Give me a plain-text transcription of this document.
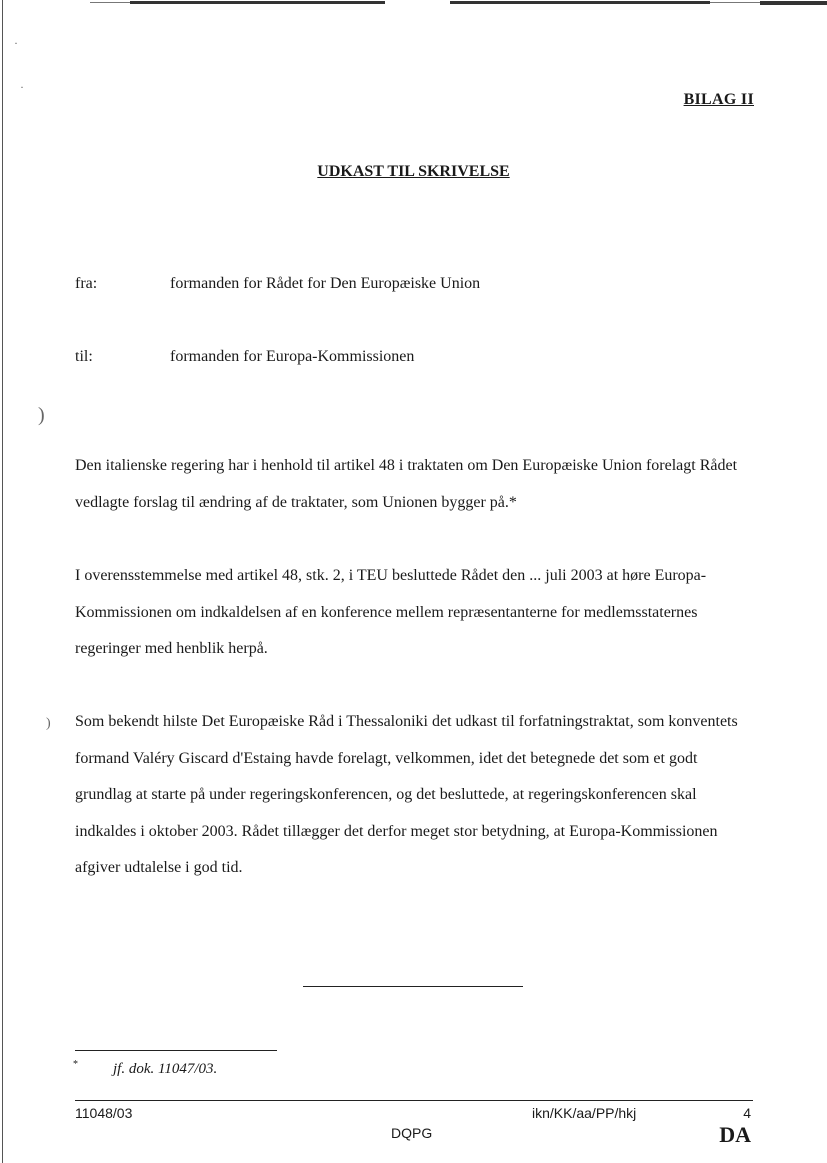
·
·
)
)
BILAG II
UDKAST TIL SKRIVELSE
fra:	formanden for Rådet for Den Europæiske Union
til:	formanden for Europa-Kommissionen

Den italienske regering har i henhold til artikel 48 i traktaten om Den Europæiske Union forelagt Rådet vedlagte forslag til ændring af de traktater, som Unionen bygger på.*

I overensstemmelse med artikel 48, stk. 2, i TEU besluttede Rådet den ... juli 2003 at høre Europa-Kommissionen om indkaldelsen af en konference mellem repræsentanterne for medlemsstaternes regeringer med henblik herpå.

Som bekendt hilste Det Europæiske Råd i Thessaloniki det udkast til forfatningstraktat, som konventets formand Valéry Giscard d'Estaing havde forelagt, velkommen, idet det betegnede det som et godt grundlag at starte på under regeringskonferencen, og det besluttede, at regeringskonferencen skal indkaldes i oktober 2003. Rådet tillægger det derfor meget stor betydning, at Europa-Kommissionen afgiver udtalelse i god tid.

* jf. dok. 11047/03.
11048/03	ikn/KK/aa/PP/hkj	4
DQPG	DA
